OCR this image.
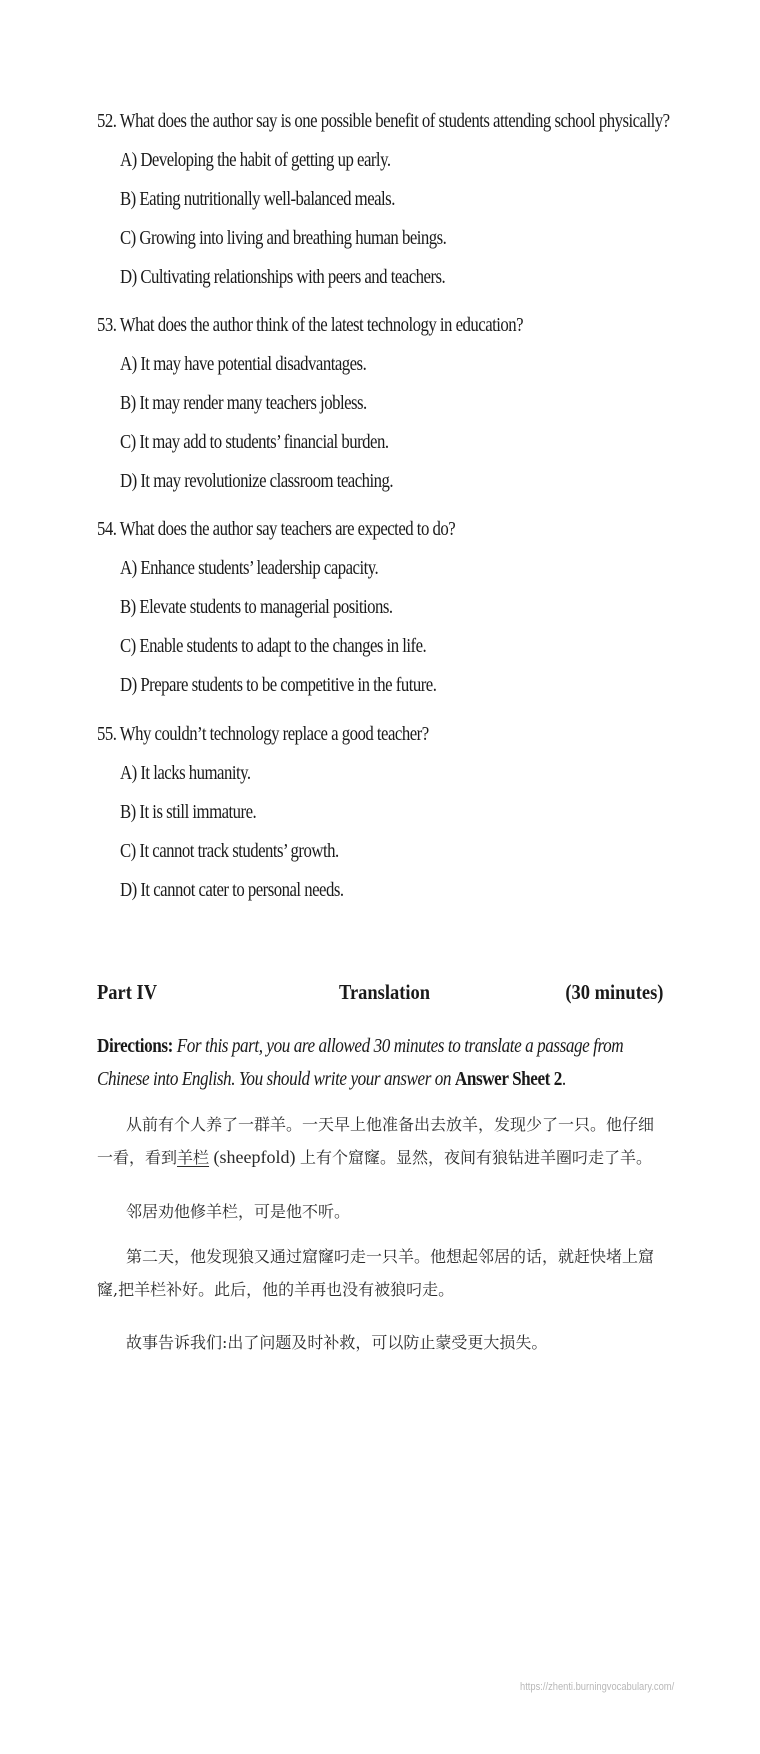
52. What does the author say is one possible benefit of students attending school physically?
A) Developing the habit of getting up early.
B) Eating nutritionally well-balanced meals.
C) Growing into living and breathing human beings.
D) Cultivating relationships with peers and teachers.
53. What does the author think of the latest technology in education?
A) It may have potential disadvantages.
B) It may render many teachers jobless.
C) It may add to students’ financial burden.
D) It may revolutionize classroom teaching.
54. What does the author say teachers are expected to do?
A) Enhance students’ leadership capacity.
B) Elevate students to managerial positions.
C) Enable students to adapt to the changes in life.
D) Prepare students to be competitive in the future.
55. Why couldn’t technology replace a good teacher?
A) It lacks humanity.
B) It is still immature.
C) It cannot track students’ growth.
D) It cannot cater to personal needs.
Part IV	Translation	(30 minutes)
Directions: For this part, you are allowed 30 minutes to translate a passage from Chinese into English. You should write your answer on Answer Sheet 2.
从前有个人养了一群羊。一天早上他准备出去放羊，发现少了一只。他仔细一看，看到羊栏 (sheepfold) 上有个窟窿。显然，夜间有狼钻进羊圈叼走了羊。
邻居劝他修羊栏，可是他不听。
第二天，他发现狼又通过窟窿叼走一只羊。他想起邻居的话，就赶快堵上窟窿,把羊栏补好。此后，他的羊再也没有被狼叼走。
故事告诉我们:出了问题及时补救，可以防止蒙受更大损失。
https://zhenti.burningvocabulary.com/
